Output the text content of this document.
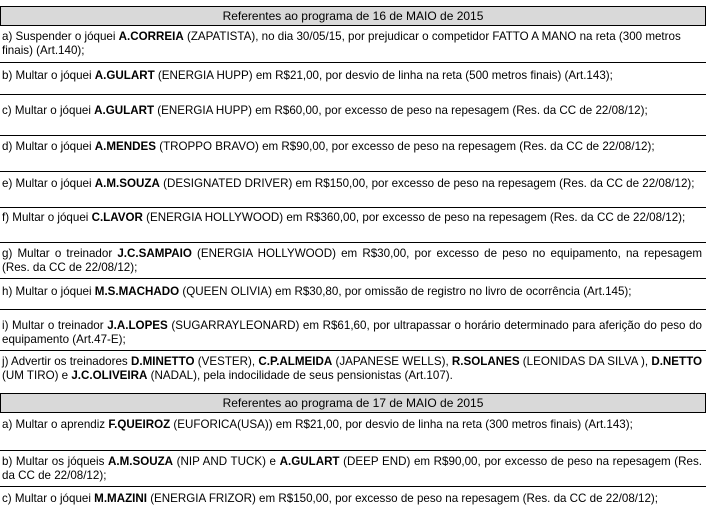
Referentes ao programa de 16 de MAIO de 2015
a) Suspender o jóquei A.CORREIA (ZAPATISTA), no dia 30/05/15, por prejudicar o competidor FATTO A MANO na reta (300 metros finais) (Art.140);
b) Multar o jóquei A.GULART (ENERGIA HUPP) em R$21,00, por desvio de linha na reta (500 metros finais) (Art.143);
c) Multar o jóquei A.GULART (ENERGIA HUPP) em R$60,00, por excesso de peso na repesagem (Res. da CC de 22/08/12);
d) Multar o jóquei A.MENDES (TROPPO BRAVO) em R$90,00, por excesso de peso na repesagem (Res. da CC de 22/08/12);
e) Multar o jóquei A.M.SOUZA (DESIGNATED DRIVER) em R$150,00, por excesso de peso na repesagem (Res. da CC de 22/08/12);
f) Multar o jóquei C.LAVOR (ENERGIA HOLLYWOOD) em R$360,00, por excesso de peso na repesagem (Res. da CC de 22/08/12);
g) Multar o treinador J.C.SAMPAIO (ENERGIA HOLLYWOOD) em R$30,00, por excesso de peso no equipamento, na repesagem (Res. da CC de 22/08/12);
h) Multar o jóquei M.S.MACHADO (QUEEN OLIVIA) em R$30,80, por omissão de registro no livro de ocorrência (Art.145);
i) Multar o treinador J.A.LOPES (SUGARRAYLEONARD) em R$61,60, por ultrapassar o horário determinado para aferição do peso do equipamento (Art.47-E);
j) Advertir os treinadores D.MINETTO (VESTER), C.P.ALMEIDA (JAPANESE WELLS), R.SOLANES (LEONIDAS DA SILVA ), D.NETTO (UM TIRO) e J.C.OLIVEIRA (NADAL), pela indocilidade de seus pensionistas (Art.107).
Referentes ao programa de 17 de MAIO de 2015
a) Multar o aprendiz F.QUEIROZ (EUFORICA(USA)) em R$21,00, por desvio de linha na reta (300 metros finais) (Art.143);
b) Multar os jóqueis A.M.SOUZA (NIP AND TUCK) e A.GULART (DEEP END) em R$90,00, por excesso de peso na repesagem (Res. da CC de 22/08/12);
c) Multar o jóquei M.MAZINI (ENERGIA FRIZOR) em R$150,00, por excesso de peso na repesagem (Res. da CC de 22/08/12);
